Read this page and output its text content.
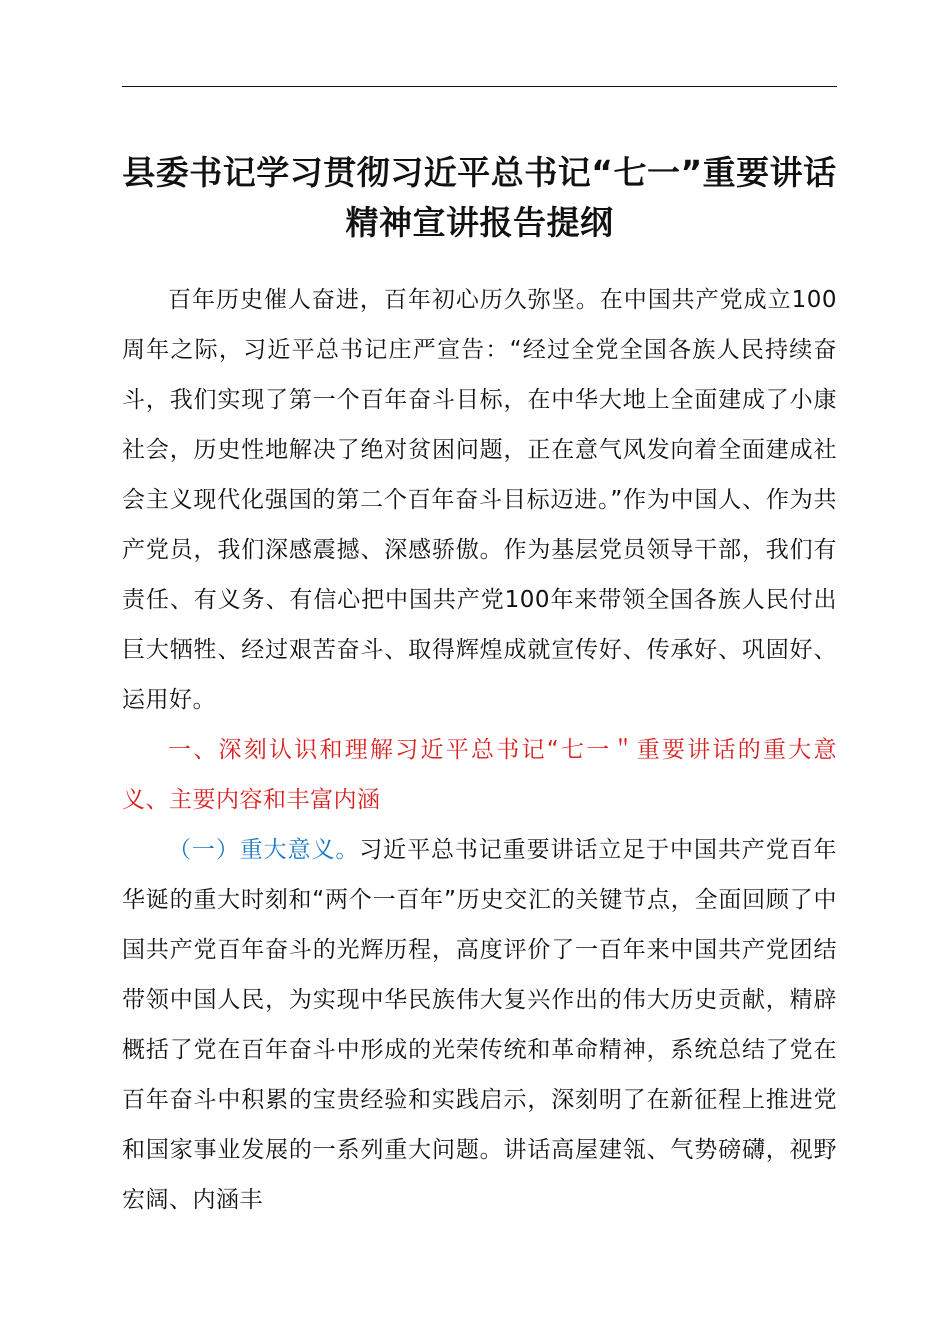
县委书记学习贯彻习近平总书记“七一”重要讲话精神宣讲报告提纲

百年历史催人奋进，百年初心历久弥坚。在中国共产党成立100周年之际，习近平总书记庄严宣告：“经过全党全国各族人民持续奋斗，我们实现了第一个百年奋斗目标，在中华大地上全面建成了小康社会，历史性地解决了绝对贫困问题，正在意气风发向着全面建成社会主义现代化强国的第二个百年奋斗目标迈进。”作为中国人、作为共产党员，我们深感震撼、深感骄傲。作为基层党员领导干部，我们有责任、有义务、有信心把中国共产党100年来带领全国各族人民付出巨大牺牲、经过艰苦奋斗、取得辉煌成就宣传好、传承好、巩固好、运用好。

一、深刻认识和理解习近平总书记“七一＂重要讲话的重大意义、主要内容和丰富内涵

（一）重大意义。习近平总书记重要讲话立足于中国共产党百年华诞的重大时刻和“两个一百年”历史交汇的关键节点，全面回顾了中国共产党百年奋斗的光辉历程，高度评价了一百年来中国共产党团结带领中国人民，为实现中华民族伟大复兴作出的伟大历史贡献，精辟概括了党在百年奋斗中形成的光荣传统和革命精神，系统总结了党在百年奋斗中积累的宝贵经验和实践启示，深刻明了在新征程上推进党和国家事业发展的一系列重大问题。讲话高屋建瓴、气势磅礴，视野宏阔、内涵丰
